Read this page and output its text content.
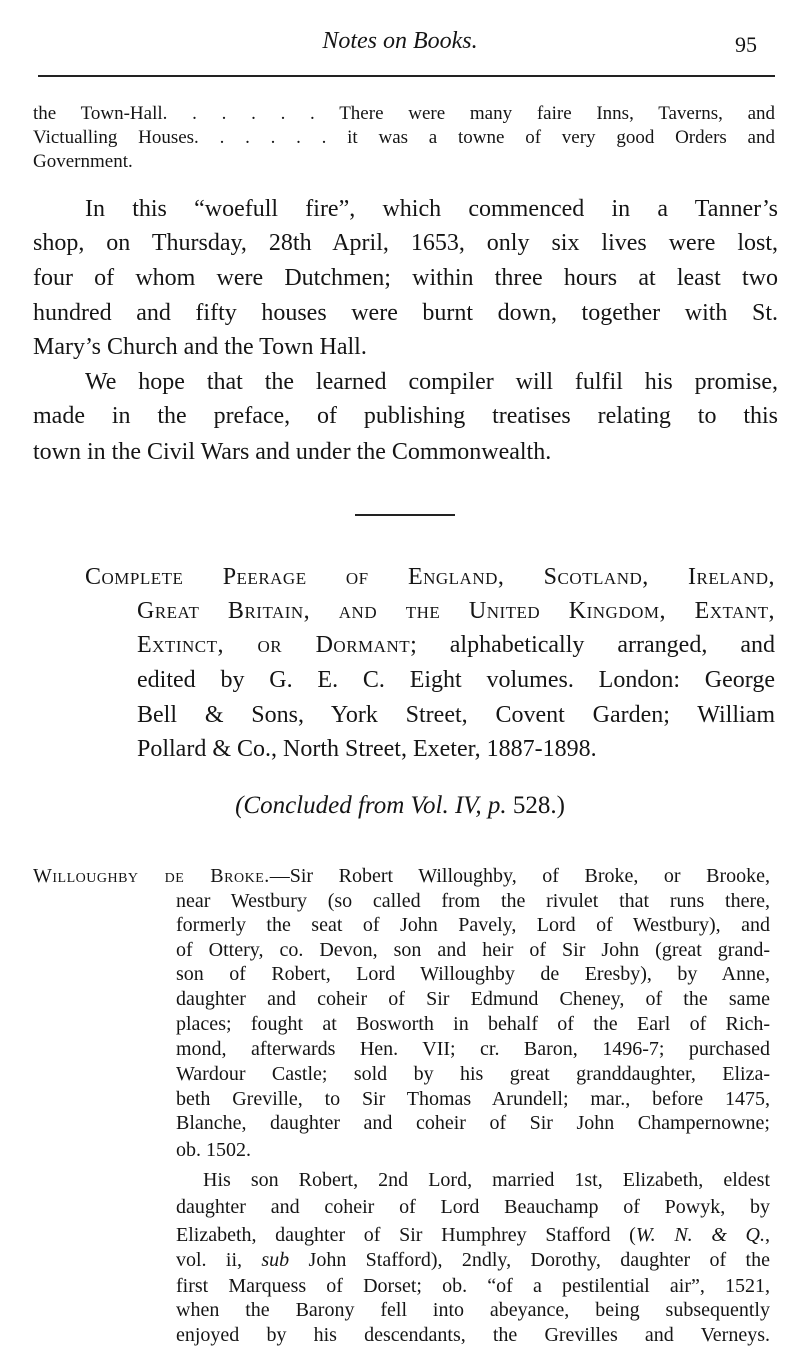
Notes on Books.	95
(Concluded from Vol. IV, p. 528.)
the Town-Hall. . . . . . There were many faire Inns, Taverns, and
Victualling Houses. . . . . . it was a towne of very good Orders and
Government.
In this “woefull fire”, which commenced in a Tanner’s
shop, on Thursday, 28th April, 1653, only six lives were lost,
four of whom were Dutchmen; within three hours at least two
hundred and fifty houses were burnt down, together with St.
Mary’s Church and the Town Hall.
We hope that the learned compiler will fulfil his promise,
made in the preface, of publishing treatises relating to this
town in the Civil Wars and under the Commonwealth.
Complete Peerage of England, Scotland, Ireland,
Great Britain, and the United Kingdom, Extant,
Extinct, or Dormant; alphabetically arranged, and
edited by G. E. C. Eight volumes. London: George
Bell & Sons, York Street, Covent Garden; William
Pollard & Co., North Street, Exeter, 1887-1898.
Willoughby de Broke.—Sir Robert Willoughby, of Broke, or Brooke,
near Westbury (so called from the rivulet that runs there,
formerly the seat of John Pavely, Lord of Westbury), and
of Ottery, co. Devon, son and heir of Sir John (great grand-
son of Robert, Lord Willoughby de Eresby), by Anne,
daughter and coheir of Sir Edmund Cheney, of the same
places; fought at Bosworth in behalf of the Earl of Rich-
mond, afterwards Hen. VII; cr. Baron, 1496-7; purchased
Wardour Castle; sold by his great granddaughter, Eliza-
beth Greville, to Sir Thomas Arundell; mar., before 1475,
Blanche, daughter and coheir of Sir John Champernowne;
ob. 1502.
His son Robert, 2nd Lord, married 1st, Elizabeth, eldest
daughter and coheir of Lord Beauchamp of Powyk, by
Elizabeth, daughter of Sir Humphrey Stafford (W. N. & Q.,
vol. ii, sub John Stafford), 2ndly, Dorothy, daughter of the
first Marquess of Dorset; ob. “of a pestilential air”, 1521,
when the Barony fell into abeyance, being subsequently
enjoyed by his descendants, the Grevilles and Verneys.
